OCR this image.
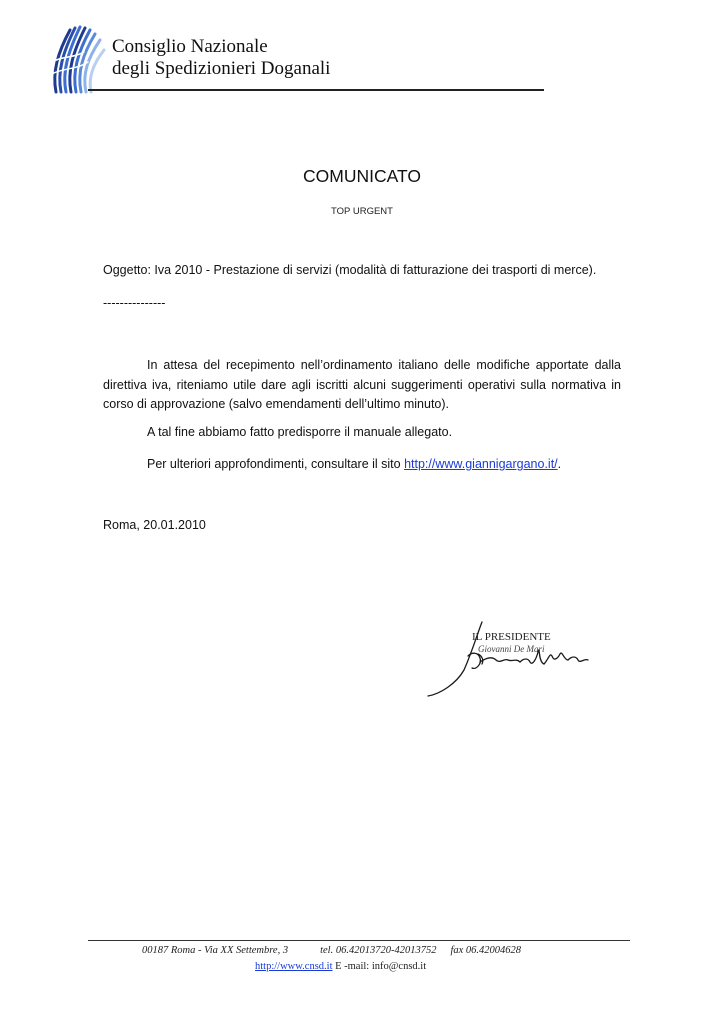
Consiglio Nazionale
degli Spedizionieri Doganali
COMUNICATO
TOP URGENT
Oggetto: Iva 2010 - Prestazione di servizi (modalità di fatturazione dei trasporti di merce).
---------------
In attesa del recepimento nell’ordinamento italiano delle modifiche apportate dalla
direttiva iva, riteniamo utile dare agli iscritti alcuni suggerimenti operativi sulla normativa in
corso di approvazione (salvo emendamenti dell’ultimo minuto).
A tal fine abbiamo fatto predisporre il manuale allegato.
Per ulteriori approfondimenti, consultare il sito http://www.giannigargano.it/.
Roma, 20.01.2010
IL PRESIDENTE
Giovanni De Mari
00187 Roma - Via XX Settembre, 3	tel. 06.42013720-42013752 fax 06.42004628
http://www.cnsd.it E -mail: info@cnsd.it
